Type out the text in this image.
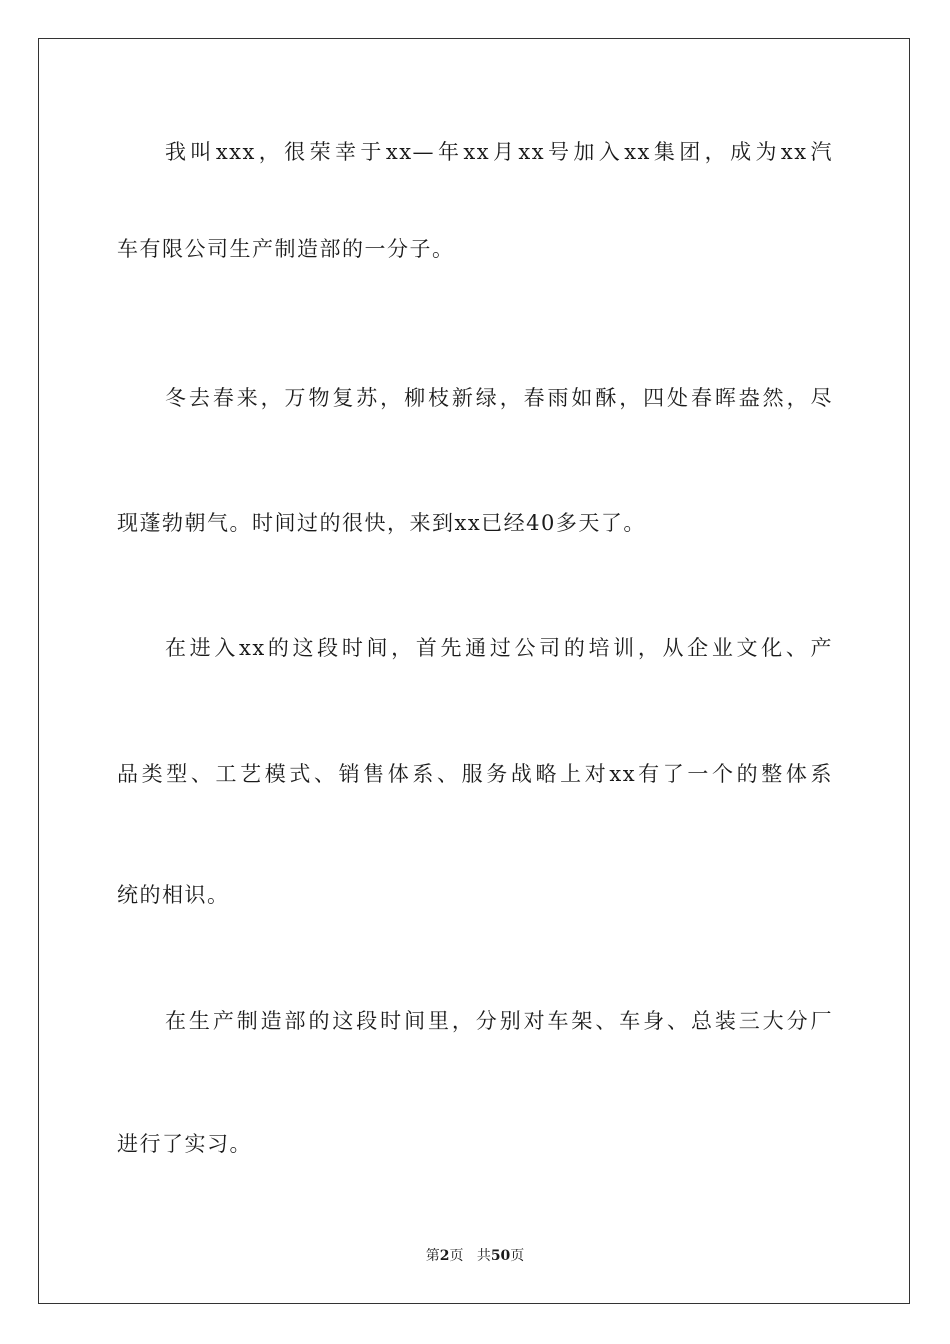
我叫xxx，很荣幸于xx—年xx月xx号加入xx集团，成为xx汽
车有限公司生产制造部的一分子。
冬去春来，万物复苏，柳枝新绿，春雨如酥，四处春晖盎然，尽
现蓬勃朝气。时间过的很快，来到xx已经40多天了。
在进入xx的这段时间，首先通过公司的培训，从企业文化、产
品类型、工艺模式、销售体系、服务战略上对xx有了一个的整体系
统的相识。
在生产制造部的这段时间里，分别对车架、车身、总装三大分厂
进行了实习。
第2页 共50页
